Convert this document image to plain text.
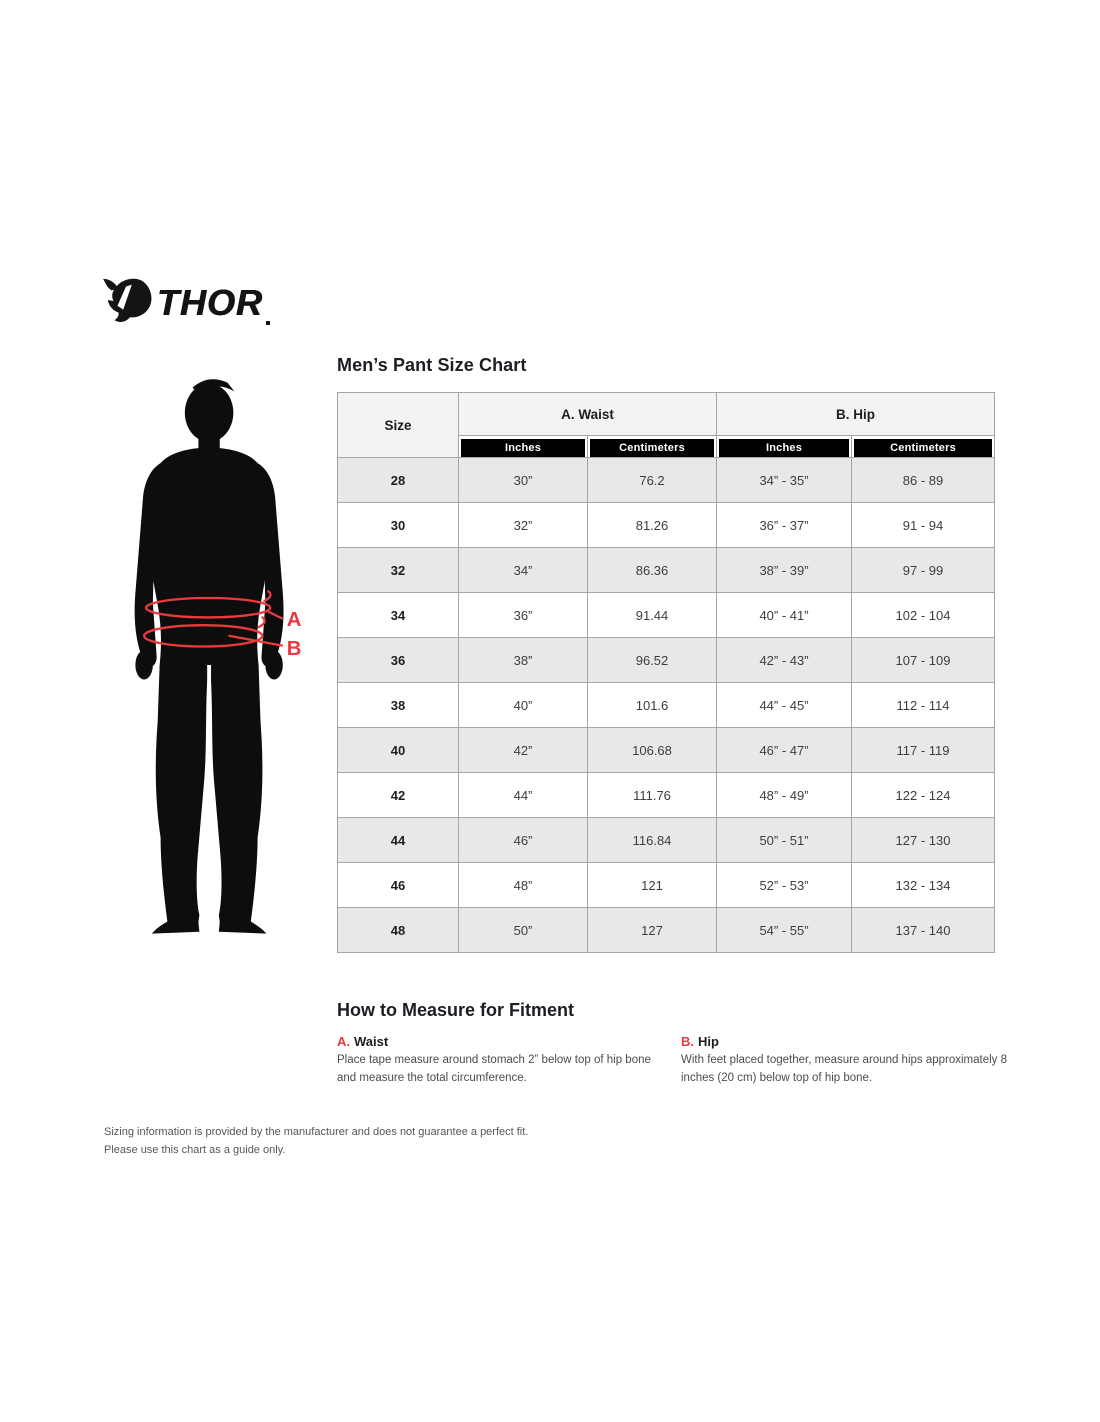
THOR
A
B
Men’s Pant Size Chart
Size	A. Waist		B. Hip	

	Inches	Centimeters	Inches	Centimeters

28	30”	76.2	34” - 35”	86 - 89
30	32”	81.26	36” - 37”	91 - 94
32	34”	86.36	38” - 39”	97 - 99
34	36”	91.44	40” - 41”	102 - 104
36	38”	96.52	42” - 43”	107 - 109
38	40”	101.6	44” - 45”	112 - 114
40	42”	106.68	46” - 47”	117 - 119
42	44”	111.76	48” - 49”	122 - 124
44	46”	116.84	50” - 51”	127 - 130
46	48”	121	52” - 53”	132 - 134
48	50”	127	54” - 55”	137 - 140
How to Measure for Fitment
A. Waist
Place tape measure around stomach 2” below top of hip bone and measure the total circumference.
B. Hip
With feet placed together, measure around hips approximately 8 inches (20 cm) below top of hip bone.
Sizing information is provided by the manufacturer and does not guarantee a perfect fit.
Please use this chart as a guide only.
